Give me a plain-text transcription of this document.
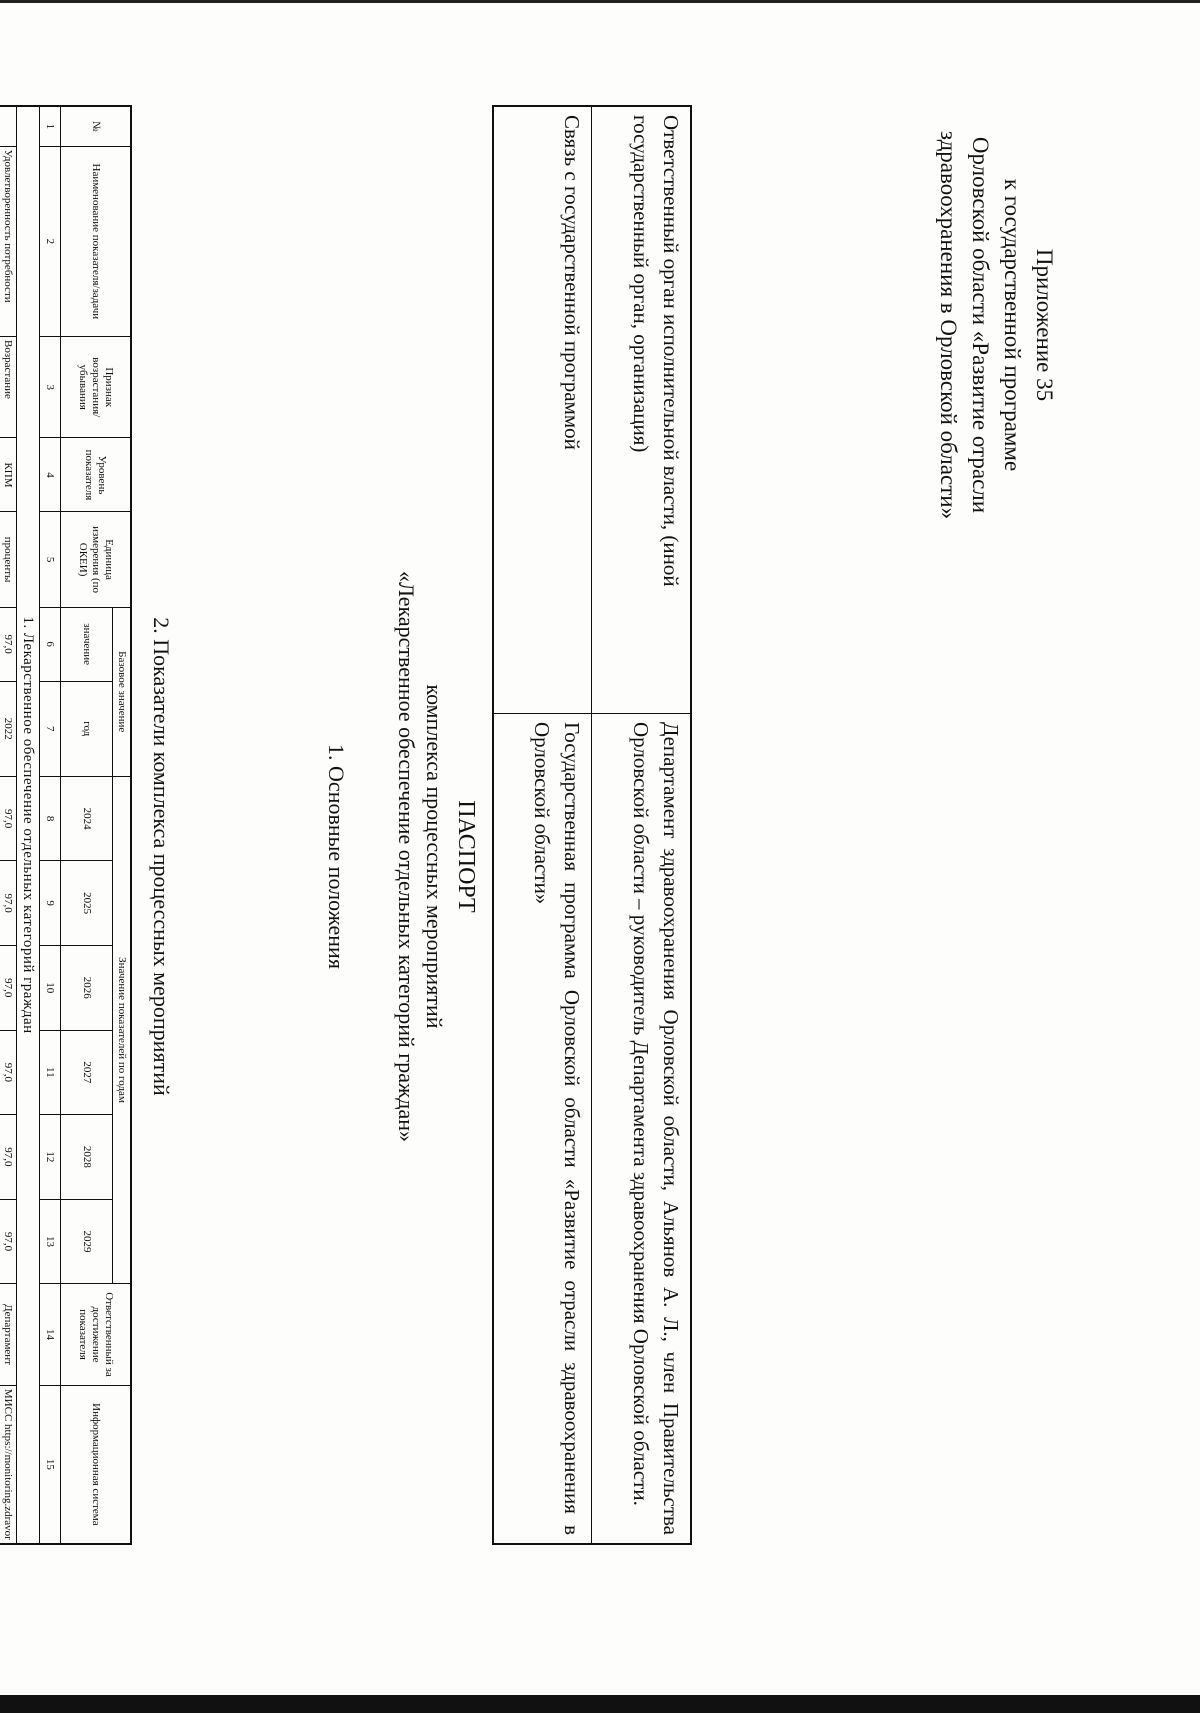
Приложение 35
к государственной программе
Орловской области «Развитие отрасли
здравоохранения в Орловской области»
ПАСПОРТ
комплекса процессных мероприятий
«Лекарственное обеспечение отдельных категорий граждан»
1. Основные положения
Ответственный орган исполнительной власти, (иной государственный орган, организация)	Департамент здравоохранения Орловской области, Альянов А. Л., член Правительства Орловской области – руководитель Департамента здравоохранения Орловской области.
Связь с государственной программой	Государственная программа Орловской области «Развитие отрасли здравоохранения в Орловской области»
2. Показатели комплекса процессных мероприятий
№	Наименование показателя/задачи	Признак возрастания/ убывания	Уровень показателя	Единица измерения (по ОКЕИ)	Базовое значение		Значение показателей по годам						Ответственный за достижение показателя	Информационная система
					значение	год	2024	2025	2026	2027	2028	2029		
1	2	3	4	5	6	7	8	9	10	11	12	13	14	15
1. Лекарственное обеспечение отдельных категорий граждан														
	Удовлетворенность потребности	Возрастание	КПМ	проценты	97,0	2022	97,0	97,0	97,0	97,0	97,0	97,0	Департамент	МИСС https://monitoring.zdravor
